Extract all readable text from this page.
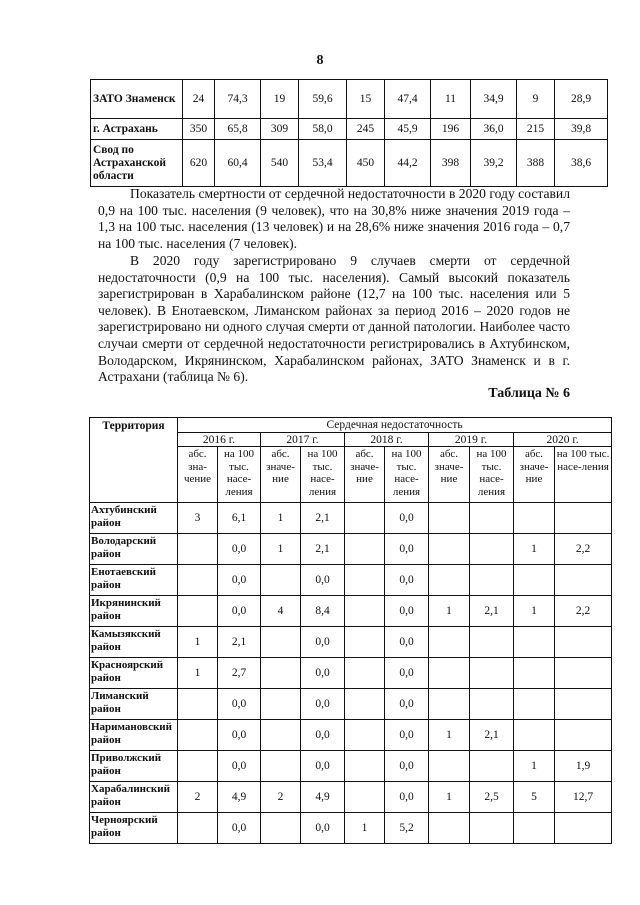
8
ЗАТО Знаменск	24	74,3	19	59,6	15	47,4	11	34,9	9	28,9
г. Астрахань	350	65,8	309	58,0	245	45,9	196	36,0	215	39,8
Свод по Астраханской области	620	60,4	540	53,4	450	44,2	398	39,2	388	38,6

Показатель смертности от сердечной недостаточности в 2020 году составил 0,9 на 100 тыс. населения (9 человек), что на 30,8% ниже значения 2019 года – 1,3 на 100 тыс. населения (13 человек) и на 28,6% ниже значения 2016 года – 0,7 на 100 тыс. населения (7 человек).

В 2020 году зарегистрировано 9 случаев смерти от сердечной недостаточности (0,9 на 100 тыс. населения). Самый высокий показатель зарегистрирован в Харабалинском районе (12,7 на 100 тыс. населения или 5 человек). В Енотаевском, Лиманском районах за период 2016 – 2020 годов не зарегистрировано ни одного случая смерти от данной патологии. Наиболее часто случаи смерти от сердечной недостаточности регистрировались в Ахтубинском, Володарском, Икрянинском, Харабалинском районах, ЗАТО Знаменск и в г. Астрахани (таблица № 6).

Таблица № 6
Территория	Сердечная недостаточность									
	2016 г.		2017 г.		2018 г.		2019 г.		2020 г.	
	абс. зна-чение	на 100 тыс. насе-ления	абс. значе-ние	на 100 тыс. насе-ления	абс. значе-ние	на 100 тыс. насе-ления	абс. значе-ние	на 100 тыс. насе-ления	абс. значе-ние	на 100 тыс. насе-ления
Ахтубинский район	3	6,1	1	2,1		0,0				
Володарский район		0,0	1	2,1		0,0			1	2,2
Енотаевский район		0,0		0,0		0,0				
Икрянинский район		0,0	4	8,4		0,0	1	2,1	1	2,2
Камызякский район	1	2,1		0,0		0,0				
Красноярский район	1	2,7		0,0		0,0				
Лиманский район		0,0		0,0		0,0				
Наримановский район		0,0		0,0		0,0	1	2,1		
Приволжский район		0,0		0,0		0,0			1	1,9
Харабалинский район	2	4,9	2	4,9		0,0	1	2,5	5	12,7
Черноярский район		0,0		0,0	1	5,2				
